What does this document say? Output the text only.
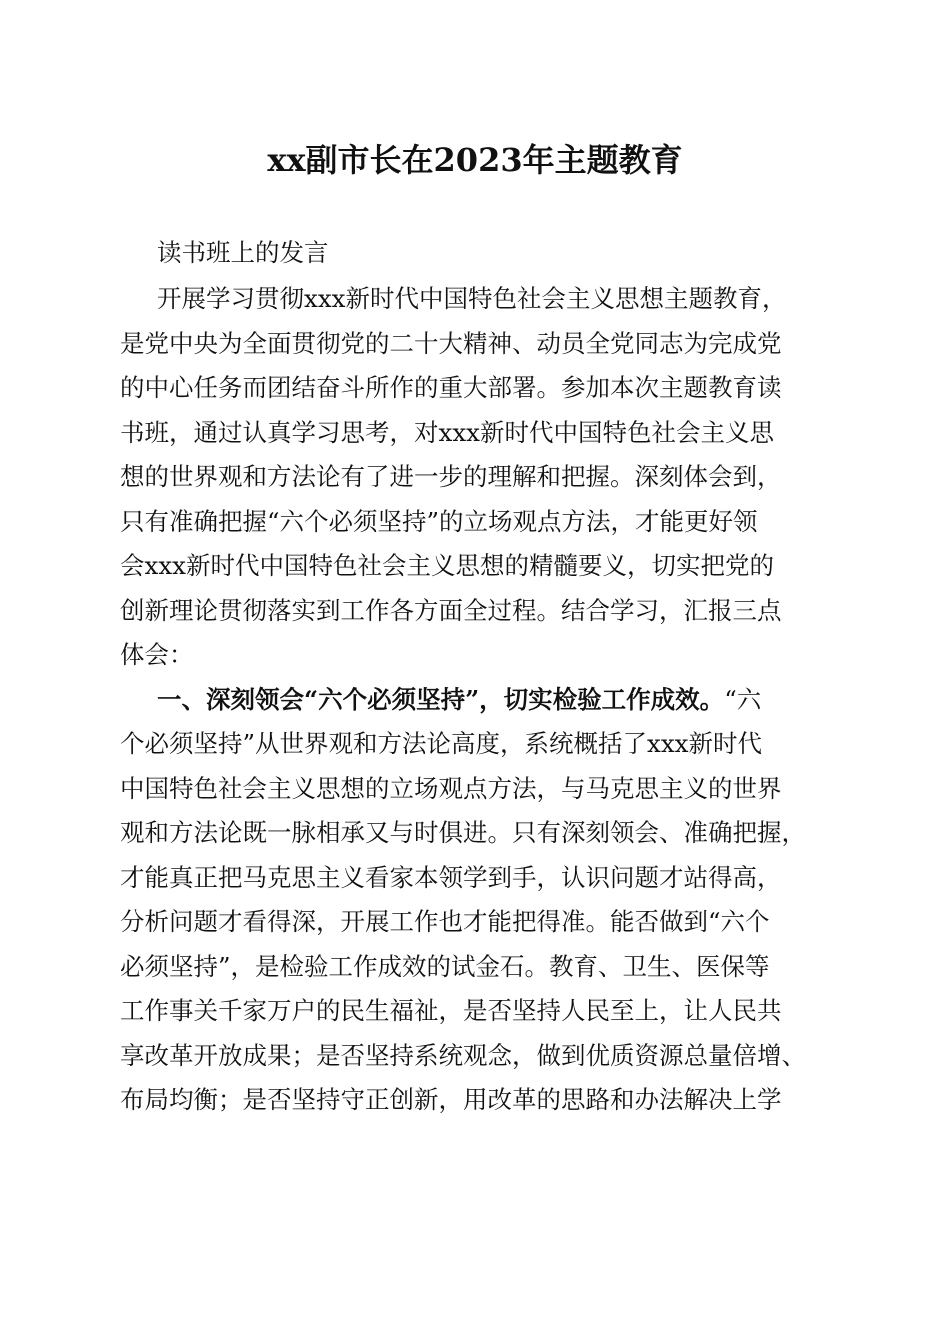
xx副市长在2023年主题教育

读书班上的发言

开展学习贯彻xxx新时代中国特色社会主义思想主题教育，

是党中央为全面贯彻党的二十大精神、动员全党同志为完成党

的中心任务而团结奋斗所作的重大部署。参加本次主题教育读

书班，通过认真学习思考，对xxx新时代中国特色社会主义思

想的世界观和方法论有了进一步的理解和把握。深刻体会到，

只有准确把握“六个必须坚持”的立场观点方法，才能更好领

会xxx新时代中国特色社会主义思想的精髓要义，切实把党的

创新理论贯彻落实到工作各方面全过程。结合学习，汇报三点

体会：

一、深刻领会“六个必须坚持”，切实检验工作成效。“六

个必须坚持”从世界观和方法论高度，系统概括了xxx新时代

中国特色社会主义思想的立场观点方法，与马克思主义的世界

观和方法论既一脉相承又与时俱进。只有深刻领会、准确把握，

才能真正把马克思主义看家本领学到手，认识问题才站得高，

分析问题才看得深，开展工作也才能把得准。能否做到“六个

必须坚持”，是检验工作成效的试金石。教育、卫生、医保等

工作事关千家万户的民生福祉，是否坚持人民至上，让人民共

享改革开放成果；是否坚持系统观念，做到优质资源总量倍增、

布局均衡；是否坚持守正创新，用改革的思路和办法解决上学
